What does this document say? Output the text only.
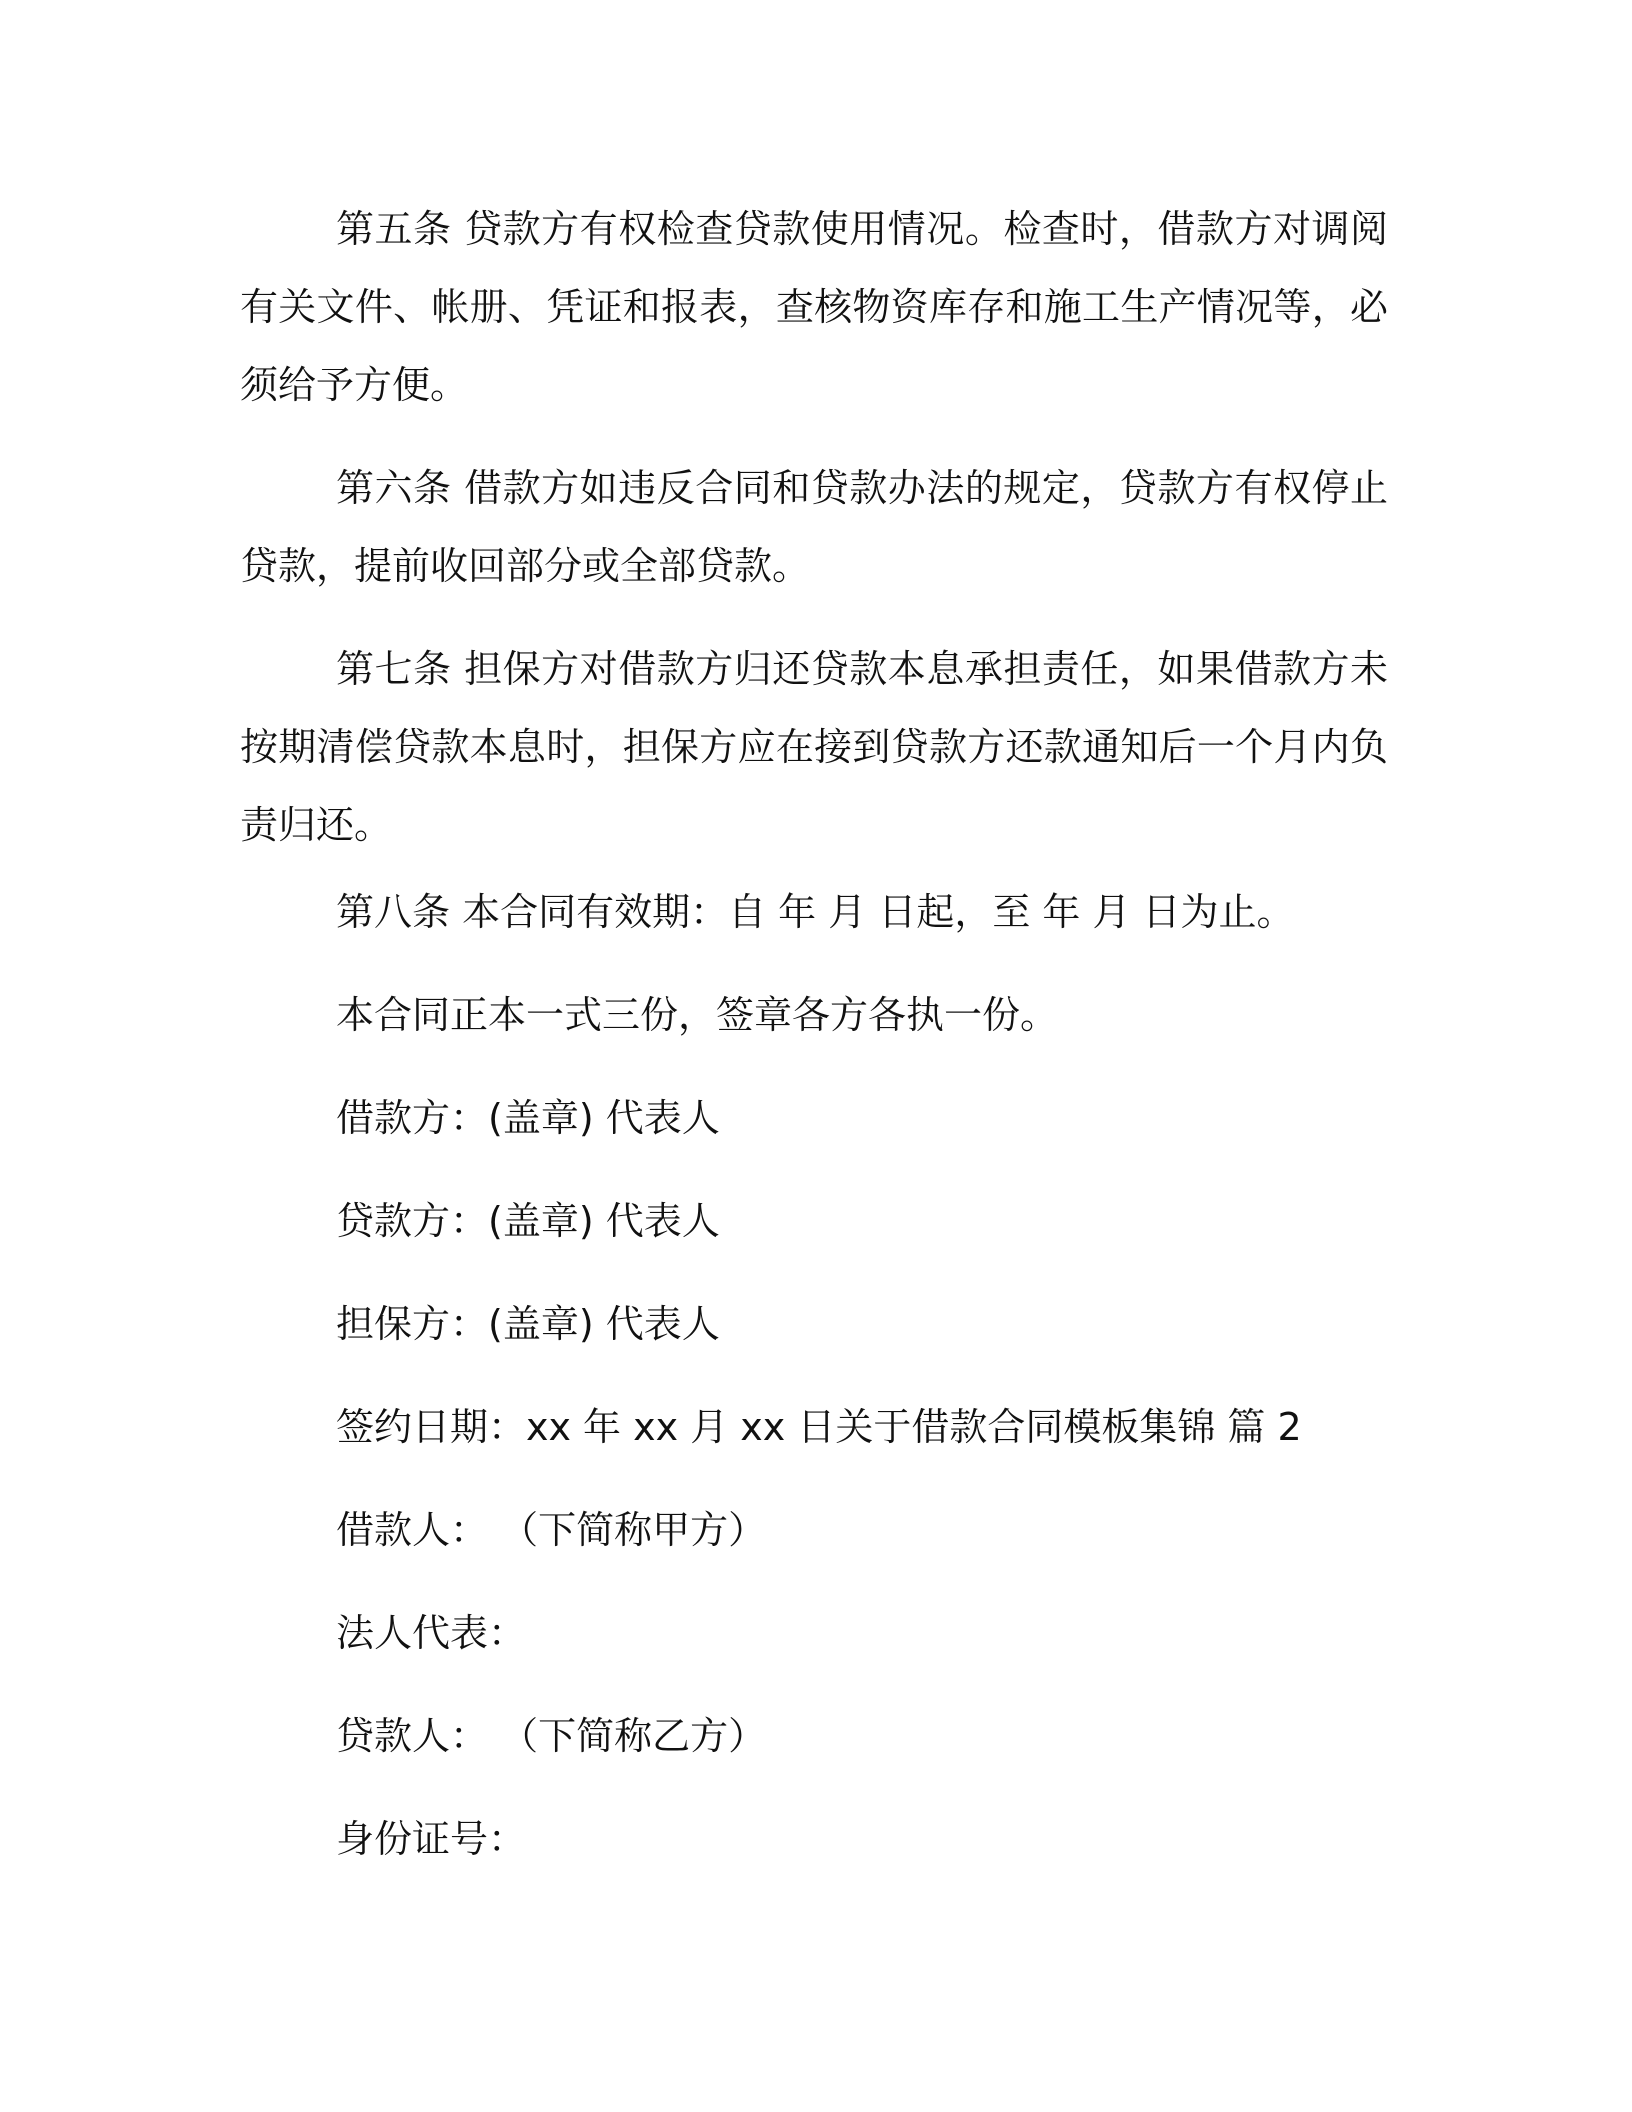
第五条 贷款方有权检查贷款使用情况。检查时，借款方对调阅有关文件、帐册、凭证和报表，查核物资库存和施工生产情况等，必须给予方便。

第六条 借款方如违反合同和贷款办法的规定，贷款方有权停止贷款，提前收回部分或全部贷款。

第七条 担保方对借款方归还贷款本息承担责任，如果借款方未按期清偿贷款本息时，担保方应在接到贷款方还款通知后一个月内负责归还。

第八条 本合同有效期：自 年 月 日起，至 年 月 日为止。

本合同正本一式三份，签章各方各执一份。

借款方：(盖章) 代表人

贷款方：(盖章) 代表人

担保方：(盖章) 代表人

签约日期：xx 年 xx 月 xx 日关于借款合同模板集锦 篇 2

借款人： （下简称甲方）

法人代表：

贷款人： （下简称乙方）

身份证号：
